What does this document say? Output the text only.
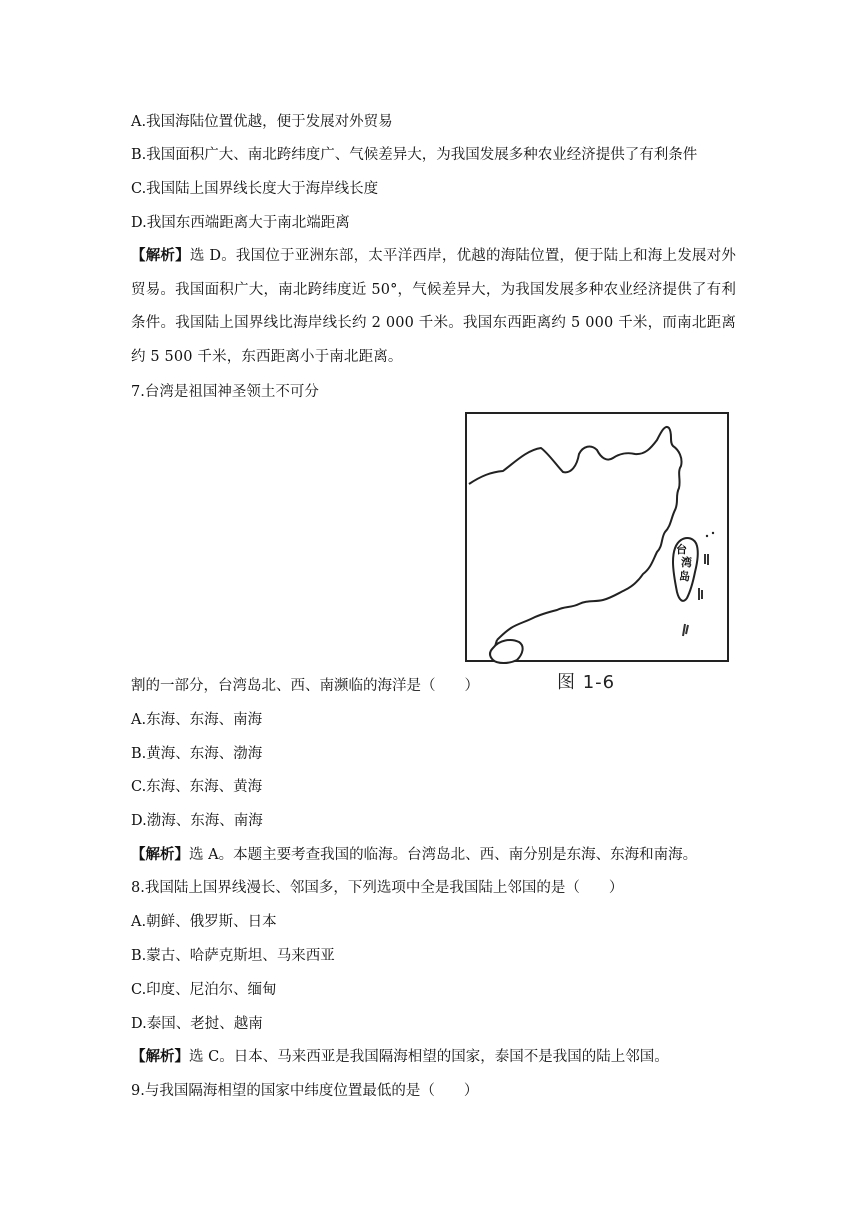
A.我国海陆位置优越，便于发展对外贸易
B.我国面积广大、南北跨纬度广、气候差异大，为我国发展多种农业经济提供了有利条件
C.我国陆上国界线长度大于海岸线长度
D.我国东西端距离大于南北端距离
【解析】选 D。我国位于亚洲东部，太平洋西岸，优越的海陆位置，便于陆上和海上发展对外贸易。我国面积广大，南北跨纬度近 50°，气候差异大，为我国发展多种农业经济提供了有利条件。我国陆上国界线比海岸线长约 2 000 千米。我国东西距离约 5 000 千米，而南北距离约 5 500 千米，东西距离小于南北距离。
7.台湾是祖国神圣领土不可分
台
湾
岛
图 1-6
割的一部分，台湾岛北、西、南濒临的海洋是（　　）
A.东海、东海、南海
B.黄海、东海、渤海
C.东海、东海、黄海
D.渤海、东海、南海
【解析】选 A。本题主要考查我国的临海。台湾岛北、西、南分别是东海、东海和南海。
8.我国陆上国界线漫长、邻国多，下列选项中全是我国陆上邻国的是（　　）
A.朝鲜、俄罗斯、日本
B.蒙古、哈萨克斯坦、马来西亚
C.印度、尼泊尔、缅甸
D.泰国、老挝、越南
【解析】选 C。日本、马来西亚是我国隔海相望的国家，泰国不是我国的陆上邻国。
9.与我国隔海相望的国家中纬度位置最低的是（　　）
